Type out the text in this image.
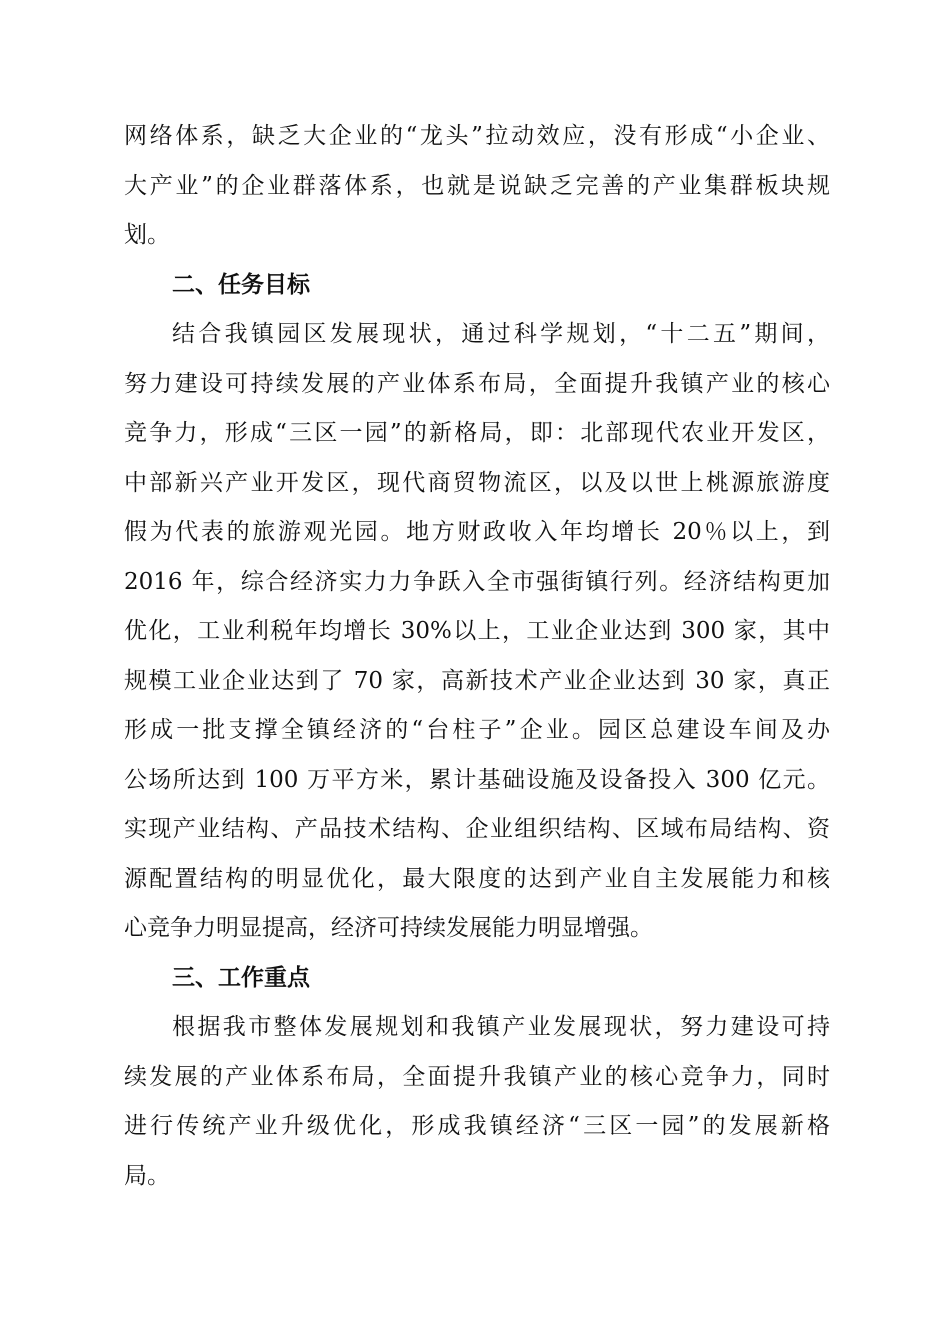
网络体系，缺乏大企业的“龙头”拉动效应，没有形成“小企业、
大产业”的企业群落体系，也就是说缺乏完善的产业集群板块规
划。
二、任务目标
结合我镇园区发展现状，通过科学规划，“十二五”期间，
努力建设可持续发展的产业体系布局，全面提升我镇产业的核心
竞争力，形成“三区一园”的新格局，即：北部现代农业开发区，
中部新兴产业开发区，现代商贸物流区，以及以世上桃源旅游度
假为代表的旅游观光园。地方财政收入年均增长 20％以上，到
2016 年，综合经济实力力争跃入全市强街镇行列。经济结构更加
优化，工业利税年均增长 30%以上，工业企业达到 300 家，其中
规模工业企业达到了 70 家，高新技术产业企业达到 30 家，真正
形成一批支撑全镇经济的“台柱子”企业。园区总建设车间及办
公场所达到 100 万平方米，累计基础设施及设备投入 300 亿元。
实现产业结构、产品技术结构、企业组织结构、区域布局结构、资
源配置结构的明显优化，最大限度的达到产业自主发展能力和核
心竞争力明显提高，经济可持续发展能力明显增强。
三、工作重点
根据我市整体发展规划和我镇产业发展现状，努力建设可持
续发展的产业体系布局，全面提升我镇产业的核心竞争力，同时
进行传统产业升级优化，形成我镇经济“三区一园”的发展新格
局。
